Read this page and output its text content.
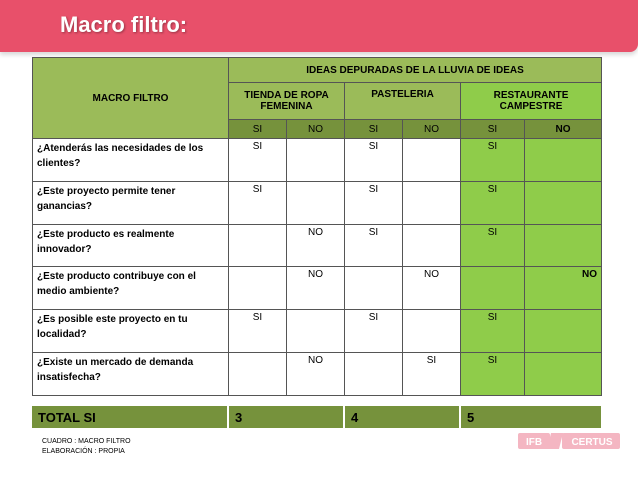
Macro filtro:
MACRO FILTRO	IDEAS DEPURADAS DE LA LLUVIA DE IDEAS					
	TIENDA DE ROPA FEMENINA		PASTELERIA		RESTAURANTE CAMPESTRE	
	SI	NO	SI	NO	SI	NO
¿Atenderás las necesidades de los clientes?	SI		SI		SI	
¿Este proyecto permite tener ganancias?	SI		SI		SI	
¿Este producto es realmente innovador?		NO	SI		SI	
¿Este producto contribuye con el medio ambiente?		NO		NO		NO
¿Es posible este proyecto en tu localidad?	SI		SI		SI	
¿Existe un mercado de demanda insatisfecha?		NO		SI	SI	
TOTAL SI	3	4	5
CUADRO : MACRO FILTRO
ELABORACIÓN : PROPIA
IFB	CERTUS
